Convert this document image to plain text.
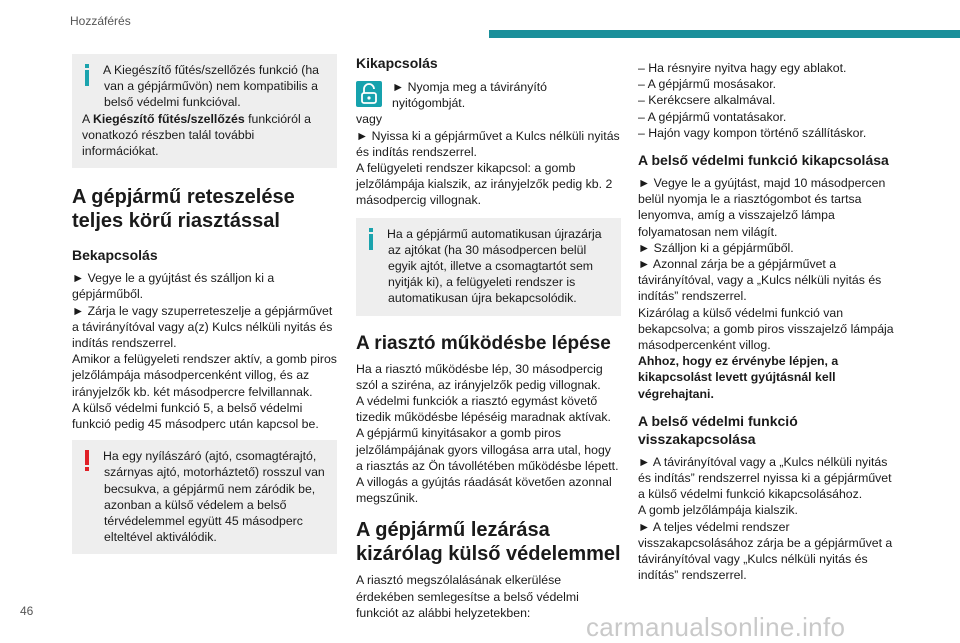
Hozzáférés

A Kiegészítő fűtés/szellőzés funkció (ha van a gépjárművön) nem kompatibilis a belső védelmi funkcióval.

A Kiegészítő fűtés/szellőzés funkcióról a vonatkozó részben talál további információkat.

A gépjármű reteszelése teljes körű riasztással

Bekapcsolás

► Vegye le a gyújtást és szálljon ki a gépjárműből.

► Zárja le vagy szuperreteszelje a gépjárművet a távirányítóval vagy a(z) Kulcs nélküli nyitás és indítás rendszerrel.

Amikor a felügyeleti rendszer aktív, a gomb piros jelzőlámpája másodpercenként villog, és az irányjelzők kb. két másodpercre felvillannak.

A külső védelmi funkció 5, a belső védelmi funkció pedig 45 másodperc után kapcsol be.

Ha egy nyílászáró (ajtó, csomagtérajtó, szárnyas ajtó, motorháztető) rosszul van becsukva, a gépjármű nem záródik be, azonban a külső védelem a belső térvédelemmel együtt 45 másodperc elteltével aktiválódik.

Kikapcsolás

► Nyomja meg a távirányító nyitógombját.

vagy

► Nyissa ki a gépjárművet a Kulcs nélküli nyitás és indítás rendszerrel.

A felügyeleti rendszer kikapcsol: a gomb jelzőlámpája kialszik, az irányjelzők pedig kb. 2 másodpercig villognak.

Ha a gépjármű automatikusan újrazárja az ajtókat (ha 30 másodpercen belül egyik ajtót, illetve a csomagtartót sem nyitják ki), a felügyeleti rendszer is automatikusan újra bekapcsolódik.

A riasztó működésbe lépése

Ha a riasztó működésbe lép, 30 másodpercig szól a sziréna, az irányjelzők pedig villognak.

A védelmi funkciók a riasztó egymást követő tizedik működésbe lépéséig maradnak aktívak.

A gépjármű kinyitásakor a gomb piros jelzőlámpájának gyors villogása arra utal, hogy a riasztás az Ön távollétében működésbe lépett. A villogás a gyújtás ráadását követően azonnal megszűnik.

A gépjármű lezárása kizárólag külső védelemmel

A riasztó megszólalásának elkerülése érdekében semlegesítse a belső védelmi funkciót az alábbi helyzetekben:

– Ha résnyire nyitva hagy egy ablakot.

– A gépjármű mosásakor.

– Kerékcsere alkalmával.

– A gépjármű vontatásakor.

– Hajón vagy kompon történő szállításkor.

A belső védelmi funkció kikapcsolása

► Vegye le a gyújtást, majd 10 másodpercen belül nyomja le a riasztógombot és tartsa lenyomva, amíg a visszajelző lámpa folyamatosan nem világít.

► Szálljon ki a gépjárműből.

► Azonnal zárja be a gépjárművet a távirányítóval, vagy a „Kulcs nélküli nyitás és indítás” rendszerrel.

Kizárólag a külső védelmi funkció van bekapcsolva; a gomb piros visszajelző lámpája másodpercenként villog.

Ahhoz, hogy ez érvénybe lépjen, a kikapcsolást levett gyújtásnál kell végrehajtani.

A belső védelmi funkció visszakapcsolása

► A távirányítóval vagy a „Kulcs nélküli nyitás és indítás” rendszerrel nyissa ki a gépjárművet a külső védelmi funkció kikapcsolásához.

A gomb jelzőlámpája kialszik.

► A teljes védelmi rendszer visszakapcsolásához zárja be a gépjárművet a távirányítóval vagy „Kulcs nélküli nyitás és indítás” rendszerrel.

46
carmanualsonline.info
